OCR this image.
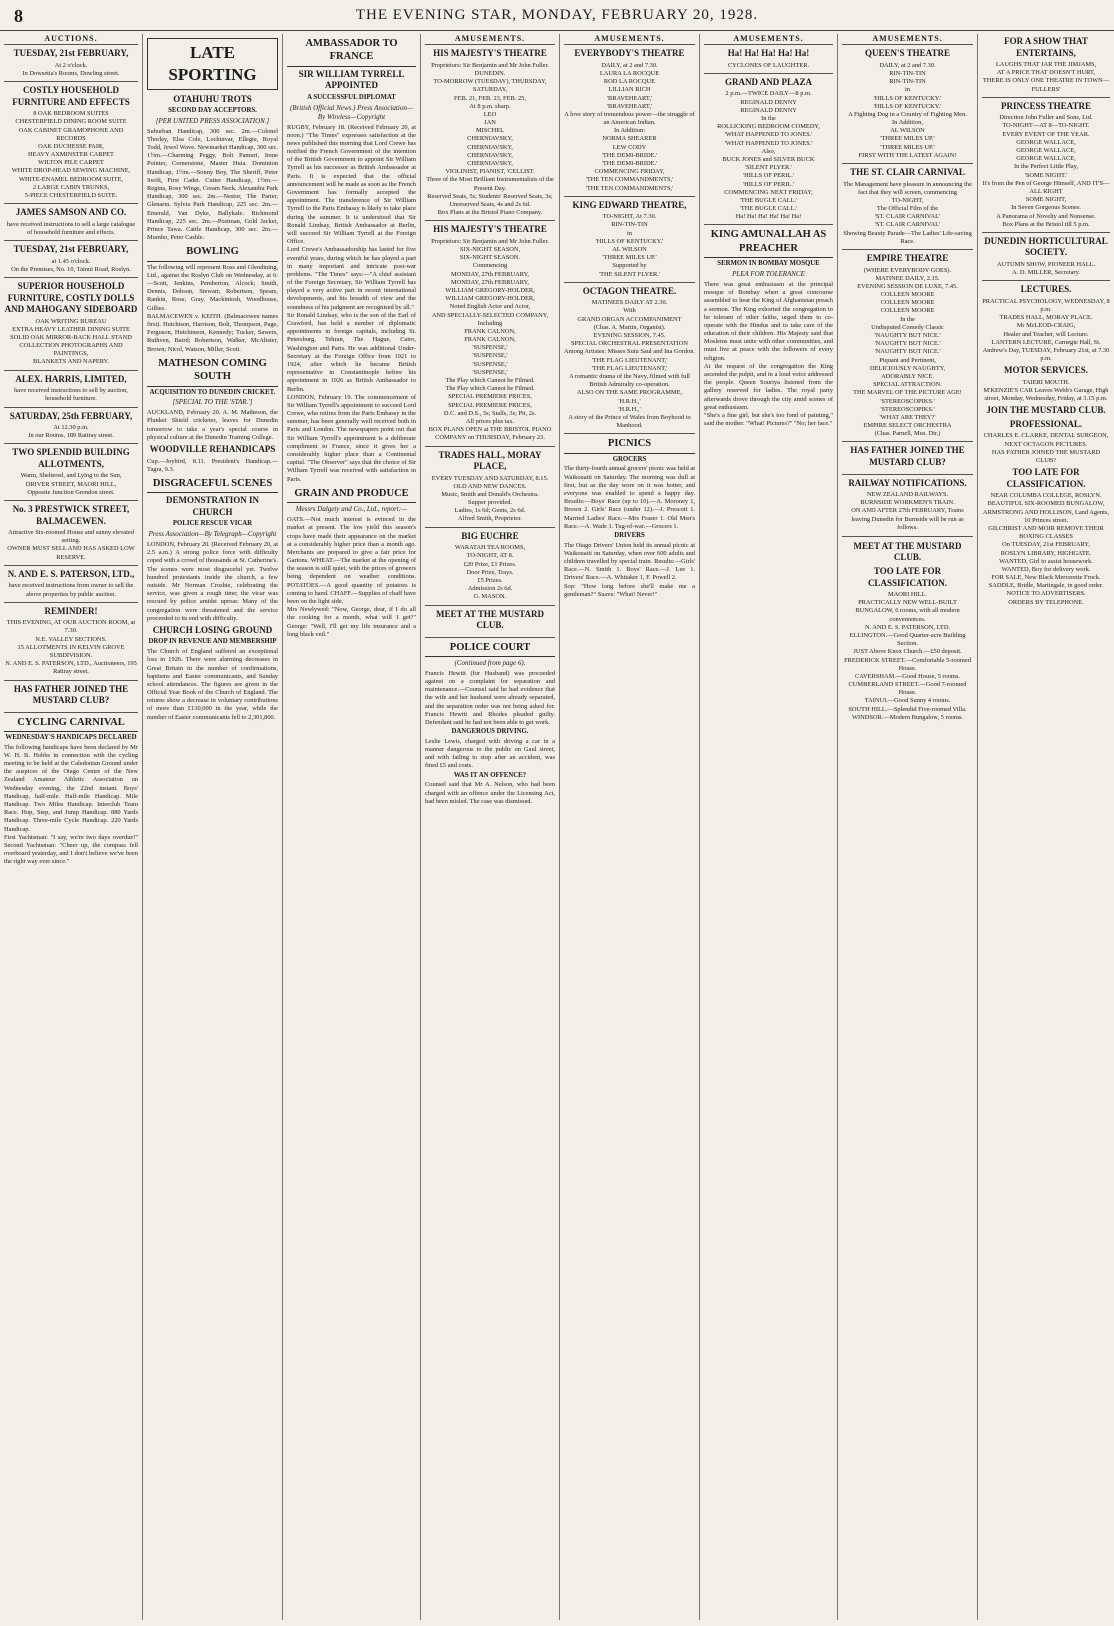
8	THE EVENING STAR, MONDAY, FEBRUARY 20, 1928.
AUCTIONS.
TUESDAY, 21st FEBRUARY,
At 2 o'clock.
In Dowsetia's Rooms, Dowling street.
COSTLY HOUSEHOLD FURNITURE AND EFFECTS
8 OAK BEDROOM SUITES
CHESTERFIELD DINING ROOM SUITE
OAK CABINET GRAMOPHONE AND RECORDS
OAK DUCHESSE PAIR,
HEAVY AXMINSTER CARPET
WILTON PILE CARPET
WHITE DROP-HEAD SEWING MACHINE,
WHITE-ENAMEL BEDROOM SUITE,
2 LARGE CABIN TRUNKS,
5-PIECE CHESTERFIELD SUITE.
JAMES SAMSON AND CO.
have received instructions to sell a large catalogue of household furniture and effects.
TUESDAY, 21st FEBRUARY,
at 1.45 o'clock.
On the Premises, No. 10, Tainui Road, Roslyn.
SUPERIOR HOUSEHOLD FURNITURE, COSTLY DOLLS AND MAHOGANY SIDEBOARD
OAK WRITING BUREAU
EXTRA HEAVY LEATHER DINING SUITE
SOLID OAK MIRROR-BACK HALL STAND
COLLECTION PHOTOGRAPHS AND PAINTINGS,
BLANKETS AND NAPERY.
ALEX. HARRIS, LIMITED,
have received instructions to sell by auction, household furniture.
SATURDAY, 25th FEBRUARY,
At 12.30 p.m.
In our Rooms, 189 Rattray street.
TWO SPLENDID BUILDING ALLOTMENTS,
Warm, Sheltered, and Lying to the Sun,
DRIVER STREET, MAORI HILL,
Opposite Junction Grendon street.
No. 3 PRESTWICK STREET, BALMACEWEN.
Attractive Six-roomed House and sunny elevated setting.
OWNER MUST SELL AND HAS ASKED LOW RESERVE.
N. AND E. S. PATERSON, LTD.,
have received instructions from owner to sell the above properties by public auction.
REMINDER!
THIS EVENING, AT OUR AUCTION ROOM, at 7.30.
N.E. VALLEY SECTIONS.
15 ALLOTMENTS IN KELVIN GROVE SUBDIVISION.
N. AND E. S. PATERSON, LTD., Auctioneers, 195 Rattray street.
HAS FATHER JOINED THE MUSTARD CLUB?
CYCLING CARNIVAL
WEDNESDAY'S HANDICAPS DECLARED

The following handicaps have been declared by Mr W. H. B. Hobbs in connection with the cycling meeting to be held at the Caledonian Ground under the auspices of the Otago Centre of the New Zealand Amateur Athletic Association on Wednesday evening, the 22nd instant. Boys' Handicap, half-mile. Half-mile Handicap. Mile Handicap. Two Miles Handicap. Interclub Team Race. Hop, Step, and Jump Handicap. 880 Yards Handicap. Three-mile Cycle Handicap. 220 Yards Handicap.

First Yachtsman: "I say, we're two days overdue!" Second Yachtsman: "Cheer up, the compass fell overboard yesterday, and I don't believe we've been the right way ever since."

LATE SPORTING
OTAHUHU TROTS
SECOND DAY ACCEPTORS.
[PER UNITED PRESS ASSOCIATION.]

Suburban Handicap, 300 sec. 2m.—Colonel Thorley, Elsa Cole, Lochinvar, Ellegie, Royal Todd, Jewel Wave. Newmarket Handicap, 300 sec. 1½m.—Charming Peggy, Bolt Pamuri, Irene Pointer, Cornerstone, Master Huia. Dominion Handicap, 1½m.—Sonny Boy, The Sheriff, Peter Swift, First Cadet. Cutter Handicap, 1½m.—Regina, Rosy Wings, Cream Neck. Alexandra Park Handicap, 300 sec. 2m.—Nestor, The Parter, Glenarm. Sylvia Park Handicap, 225 sec. 2m.—Emerald, Van Dyke, Ballykale. Richmond Handicap, 225 sec. 2m.—Postman, Gold Jacket, Prince Tawa. Cattle Handicap, 300 sec. 2m.—Mumbo, Peter Cashle.

BOWLING

The following will represent Ross and Glendining, Ltd., against the Roslyn Club on Wednesday, at 6:—Scott, Jenkins, Pemberton, Alcock; Smith, Dennis, Dobson, Stewart; Robertson, Spears, Rankin, Ross; Gray, Mackintosh, Woodhouse, Gillies.

BALMACEWEN v. KEITH. (Balmacewen names first). Hutchison, Harrison, Bolt, Thompson, Page, Ferguson, Hutchinson, Kennedy; Tucker, Sawers, Ruthven, Baird; Robertson, Walker, McAlister, Brown; Nicol, Watson, Miller, Scott.

MATHESON COMING SOUTH
ACQUISITION TO DUNEDIN CRICKET.
[SPECIAL TO THE 'STAR.']

AUCKLAND, February 20. A. M. Matheson, the Plunket Shield cricketer, leaves for Dunedin tomorrow to take a year's special course in physical culture at the Dunedin Training College.

WOODVILLE REHANDICAPS

Cup.—Joybird, 8.11. President's Handicap.—Tagra, 9.3.

DISGRACEFUL SCENES
DEMONSTRATION IN CHURCH
POLICE RESCUE VICAR
Press Association—By Telegraph—Copyright

LONDON, February 20. (Received February 20, at 2.5 a.m.) A strong police force with difficulty coped with a crowd of thousands at St. Catherine's. The scenes were most disgraceful yet. Twelve hundred protestants inside the church, a few outside. Mr Norman Crosbie, celebrating the service, was given a rough time; the vicar was rescued by police amidst uproar. Many of the congregation were threatened and the service proceeded to its end with difficulty.

CHURCH LOSING GROUND
DROP IN REVENUE AND MEMBERSHIP

The Church of England suffered an exceptional loss in 1926. There were alarming decreases in Great Britain in the number of confirmations, baptisms and Easter communicants, and Sunday school attendances. The figures are given in the Official Year Book of the Church of England. The returns show a decrease in voluntary contributions of more than £130,000 in the year, while the number of Easter communicants fell to 2,301,800.

AMBASSADOR TO FRANCE
SIR WILLIAM TYRRELL APPOINTED
A SUCCESSFUL DIPLOMAT
(British Official News.) Press Association—By Wireless—Copyright

RUGBY, February 18. (Received February 20, at noon.) "The Times" expresses satisfaction at the news published this morning that Lord Crewe has notified the French Government of the intention of the British Government to appoint Sir William Tyrrell as his successor as British Ambassador at Paris. It is expected that the official announcement will be made as soon as the French Government has formally accepted the appointment. The transference of Sir William Tyrrell to the Paris Embassy is likely to take place during the summer. It is understood that Sir Ronald Lindsay, British Ambassador at Berlin, will succeed Sir William Tyrrell at the Foreign Office.

Lord Crewe's Ambassadorship has lasted for five eventful years, during which he has played a part in many important and intricate post-war problems. "The Times" says:—"A chief assistant of the Foreign Secretary, Sir William Tyrrell has played a very active part in recent international developments, and his breadth of view and the soundness of his judgment are recognised by all."

Sir Ronald Lindsay, who is the son of the Earl of Crawford, has held a number of diplomatic appointments in foreign capitals, including St. Petersburg, Tehran, The Hague, Cairo, Washington and Paris. He was additional Under-Secretary at the Foreign Office from 1921 to 1924, after which he became British representative in Constantinople before his appointment in 1926 as British Ambassador to Berlin.

LONDON, February 19. The commencement of Sir William Tyrrell's appointment to succeed Lord Crewe, who retires from the Paris Embassy in the summer, has been generally well received both in Paris and London. The newspapers point out that Sir William Tyrrell's appointment is a deliberate compliment to France, since it gives her a considerably higher place than a Continental capital. "The Observer" says that the choice of Sir William Tyrrell was received with satisfaction in Paris.

GRAIN AND PRODUCE
Messrs Dalgety and Co., Ltd., report:—

OATS.—Not much interest is evinced in the market at present. The low yield this season's crops have made their appearance on the market at a considerably higher price than a month ago. Merchants are prepared to give a fair price for Gartons. WHEAT.—The market at the opening of the season is still quiet, with the prices of growers being dependent on weather conditions. POTATOES.—A good quantity of potatoes is coming to hand. CHAFF.—Supplies of chaff have been on the light side.

Mrs Newlywed: "Now, George, dear, if I do all the cooking for a month, what will I get?" George: "Well, I'll get my life insurance and a long black veil."

AMUSEMENTS.
HIS MAJESTY'S THEATRE
Proprietors: Sir Benjamin and Mr John Fuller.
DUNEDIN.
TO-MORROW (TUESDAY), THURSDAY, SATURDAY,
FEB. 21, FEB. 23, FEB. 25,
At 8 p.m. sharp.
LEO
JAN
MISCHEL
CHERNIAVSKY,
CHERNIAVSKY,
CHERNIAVSKY,
CHERNIAVSKY,
VIOLINIST, PIANIST, 'CELLIST.
Three of the Most Brilliant Instrumentalists of the Present Day.
Reserved Seats, 5s; Students' Reserved Seats, 3s; Unreserved Seats, 4s and 2s 6d.
Box Plans at the Bristol Piano Company.
HIS MAJESTY'S THEATRE
Proprietors: Sir Benjamin and Mr John Fuller.
SIX-NIGHT SEASON,
SIX-NIGHT SEASON.
Commencing
MONDAY, 27th FEBRUARY,
MONDAY, 27th FEBRUARY,
WILLIAM GREGORY-HOLDER,
WILLIAM GREGORY-HOLDER,
Noted English Actor and Actor,
AND SPECIALLY-SELECTED COMPANY,
Including
FRANK CALNON,
FRANK CALNON,
'SUSPENSE,'
'SUSPENSE,'
'SUSPENSE,'
'SUSPENSE,'
The Play which Cannot be Filmed.
The Play which Cannot be Filmed.
SPECIAL PREMIERE PRICES,
SPECIAL PREMIERE PRICES,
D.C. and D.S., 5s; Stalls, 3s; Pit, 2s.
All prices plus tax.
BOX PLANS OPEN at THE BRISTOL PIANO COMPANY on THURSDAY, February 23.
TRADES HALL, MORAY PLACE,
EVERY TUESDAY AND SATURDAY, 8.15.
OLD AND NEW DANCES.
Music, Smith and Donald's Orchestra.
Supper provided.
Ladies, 1s 6d; Gents, 2s 6d.
Alfred Smith, Proprietor.
BIG EUCHRE
WARATAH TEA ROOMS,
TO-NIGHT, AT 8.
£20 Prize, £1 Prizes.
Door Prize, Trays.
£5 Prizes.
Admission 2s 6d.
G. MASON.
MEET AT THE MUSTARD CLUB.
POLICE COURT
(Continued from page 6).

Francis Hewitt (for Husband) was proceeded against on a complaint for separation and maintenance.—Counsel said he had evidence that the wife and her husband were already separated, and the separation order was not being asked for. Francis Hewitt and Rhodes pleaded guilty. Defendant said he had not been able to get work.

DANGEROUS DRIVING.

Leslie Lewis, charged with driving a car in a manner dangerous to the public on Gaul street, and with failing to stop after an accident, was fined £5 and costs.

WAS IT AN OFFENCE?

Counsel said that Mr A. Nelson, who had been charged with an offence under the Licensing Act, had been misled. The case was dismissed.

AMUSEMENTS.
EVERYBODY'S THEATRE
DAILY, at 2 and 7.30.
LAURA LA ROCQUE
ROD LA ROCQUE
LILLIAN RICH
'BRAVEHEART,'
'BRAVEHEART,'
A love story of tremendous power—the struggle of an American Indian.
In Addition:
NORMA SHEARER
LEW CODY
'THE DEMI-BRIDE.'
'THE DEMI-BRIDE.'
COMMENCING FRIDAY,
'THE TEN COMMANDMENTS,'
'THE TEN COMMANDMENTS,'
KING EDWARD THEATRE,
TO-NIGHT, At 7.30.
RIN-TIN-TIN
in
'HILLS OF KENTUCKY.'
AL WILSON
'THREE MILES UP.'
Supported by
'THE SILENT FLYER.'
OCTAGON THEATRE.
MATINEES DAILY AT 2.30.
With
GRAND ORGAN ACCOMPANIMENT
(Chas. A. Martin, Organist).
EVENING SESSION, 7.45.
SPECIAL ORCHESTRAL PRESENTATION
Among Artistes: Misses Sutu Saul and Ina Gordon.
'THE FLAG LIEUTENANT,'
'THE FLAG LIEUTENANT,'
A romantic drama of the Navy, filmed with full British Admiralty co-operation.
ALSO ON THE SAME PROGRAMME,
'H.R.H.,'
'H.R.H.,'
A story of the Prince of Wales from Boyhood to Manhood.
PICNICS
GROCERS

The thirty-fourth annual grocers' picnic was held at Waikouaiti on Saturday. The morning was dull at first, but as the day wore on it was hotter, and everyone was enabled to spend a happy day. Results:—Boys' Race (up to 10).—A. Moroney 1, Brown 2. Girls' Race (under 12).—J. Prescott 1. Married Ladies' Race.—Mrs Fraser 1. Old Men's Race.—A. Wade 1. Tug-of-war.—Grocers 1.

DRIVERS

The Otago Drivers' Union held its annual picnic at Waikouaiti on Saturday, when over 600 adults and children travelled by special train. Results:—Girls' Race.—N. Smith 1. Boys' Race.—J. Lee 1. Drivers' Race.—A. Whitaker 1, F. Powell 2.

Sop: "How long before she'll make me a gentleman?" Suave: "What! Never!"

AMUSEMENTS.
Ha! Ha! Ha! Ha! Ha!
CYCLONES OF LAUGHTER.
GRAND AND PLAZA
2 p.m.—TWICE DAILY—8 p.m.
REGINALD DENNY
REGINALD DENNY
In the
ROLLICKING BEDROOM COMEDY,
'WHAT HAPPENED TO JONES.'
'WHAT HAPPENED TO JONES.'
Also,
BUCK JONES and SILVER BUCK
'SILENT PLYER.'
'HILLS OF PERIL.'
'HILLS OF PERIL.'
COMMENCING NEXT FRIDAY,
'THE BUGLE CALL.'
'THE BUGLE CALL.'
Ha! Ha! Ha! Ha! Ha! Ha!
KING AMUNALLAH AS PREACHER
SERMON IN BOMBAY MOSQUE
PLEA FOR TOLERANCE

There was great enthusiasm at the principal mosque of Bombay when a great concourse assembled to hear the King of Afghanistan preach a sermon. The King exhorted the congregation to be tolerant of other faiths, urged them to co-operate with the Hindus and to take care of the education of their children. His Majesty said that Moslems must unite with other communities, and must live at peace with the followers of every religion.

At the request of the congregation the King ascended the pulpit, and in a loud voice addressed the people. Queen Souriya listened from the gallery reserved for ladies. The royal party afterwards drove through the city amid scenes of great enthusiasm.

"She's a fine girl, but she's too fond of painting," said the mother. "What! Pictures?" "No; her face."

AMUSEMENTS.
QUEEN'S THEATRE
DAILY, at 2 and 7.30.
RIN-TIN-TIN
RIN-TIN-TIN
in
'HILLS OF KENTUCKY.'
'HILLS OF KENTUCKY.'
A Fighting Dog in a Country of Fighting Men.
In Addition,
AL WILSON
'THREE MILES UP.'
'THREE MILES UP.'
FIRST WITH THE LATEST AGAIN!
THE ST. CLAIR CARNIVAL
The Management have pleasure in announcing the fact that they will screen, commencing
TO-NIGHT,
The Official Film of the
'ST. CLAIR CARNIVAL'
'ST. CLAIR CARNIVAL'
Showing Beauty Parade—The Ladies' Life-saving Race.
EMPIRE THEATRE
(WHERE EVERYBODY GOES).
MATINEE DAILY, 2.15.
EVENING SESSION DE LUXE, 7.45.
COLLEEN MOORE
COLLEEN MOORE
COLLEEN MOORE
In the
Undisputed Comedy Classic
'NAUGHTY BUT NICE.'
'NAUGHTY BUT NICE.'
'NAUGHTY BUT NICE.'
Piquant and Pertinent,
DELICIOUSLY NAUGHTY,
ADORABLY NICE.
SPECIAL ATTRACTION.
THE MARVEL OF THE PICTURE AGE!
'STEREOSCOPIKS.'
'STEREOSCOPIKS.'
'WHAT ARE THEY?'
EMPIRE SELECT ORCHESTRA
(Chas. Parnell, Mus. Dir.)
HAS FATHER JOINED THE MUSTARD CLUB?
RAILWAY NOTIFICATIONS.
NEW ZEALAND RAILWAYS.
BURNSIDE WORKMEN'S TRAIN.
ON AND AFTER 27th FEBRUARY, Trains leaving Dunedin for Burnside will be run as follows.
MEET AT THE MUSTARD CLUB.
TOO LATE FOR CLASSIFICATION.
MAORI HILL.
PRACTICALLY NEW WELL-BUILT BUNGALOW, 6 rooms, with all modern conveniences.
N. AND E. S. PATERSON, LTD.
ELLINGTON.—Good Quarter-acre Building Section.
JUST Above Knox Church.—£50 deposit.
FREDERICK STREET.—Comfortable 5-roomed House.
CAVERSHAM.—Good House, 5 rooms.
CUMBERLAND STREET.—Good 7-roomed House.
TAINUI.—Good Sunny 4 rooms.
SOUTH HILL.—Splendid Five-roomed Villa.
WINDSOR.—Modern Bungalow, 5 rooms.
FOR A SHOW THAT ENTERTAINS,
LAUGHS THAT JAR THE JIMJAMS,
AT A PRICE THAT DOESN'T HURT,
THERE IS ONLY ONE THEATRE IN TOWN—
FULLERS'
PRINCESS THEATRE
Direction John Fuller and Sons, Ltd.
TO-NIGHT—AT 8—TO-NIGHT.
EVERY EVENT OF THE YEAR.
GEORGE WALLACE,
GEORGE WALLACE,
GEORGE WALLACE,
In the Perfect Little Play,
'SOME NIGHT.'
It's from the Pen of George Himself, AND IT'S—ALL RIGHT
SOME NIGHT,
In Seven Gorgeous Scenes.
A Panorama of Novelty and Nonsense.
Box Plans at the Bristol till 5 p.m.
DUNEDIN HORTICULTURAL SOCIETY.
AUTUMN SHOW, PIONEER HALL.
A. D. MILLER, Secretary.
LECTURES.
PRACTICAL PSYCHOLOGY, WEDNESDAY, 8 p.m.
TRADES HALL, MORAY PLACE.
Mr McLEOD-CRAIG,
Healer and Teacher, will Lecture.
LANTERN LECTURE, Carnegie Hall, St. Andrew's Day, TUESDAY, February 21st, at 7.30 p.m.
MOTOR SERVICES.
TAIERI MOUTH.
M'KENZIE'S CAR Leaves Webb's Garage, High street, Monday, Wednesday, Friday, at 3.15 p.m.
JOIN THE MUSTARD CLUB.
PROFESSIONAL.
CHARLES E. CLARKE, DENTAL SURGEON,
NEXT OCTAGON PICTURES.
HAS FATHER JOINED THE MUSTARD CLUB?
TOO LATE FOR CLASSIFICATION.
NEAR COLUMBA COLLEGE, ROSLYN.
BEAUTIFUL SIX-ROOMED BUNGALOW,
ARMSTRONG AND HOLLISON, Land Agents, 10 Princes street.
GILCHRIST AND MOIR REMOVE THEIR BOXING CLASSES
On TUESDAY, 21st FEBRUARY,
ROSLYN LIBRARY, HIGHGATE.
WANTED, Girl to assist housework.
WANTED, Boy for delivery work.
FOR SALE, New Black Mercerette Frock.
SADDLE, Bridle, Martingale, in good order.
NOTICE TO ADVERTISERS.
ORDERS BY TELEPHONE.
